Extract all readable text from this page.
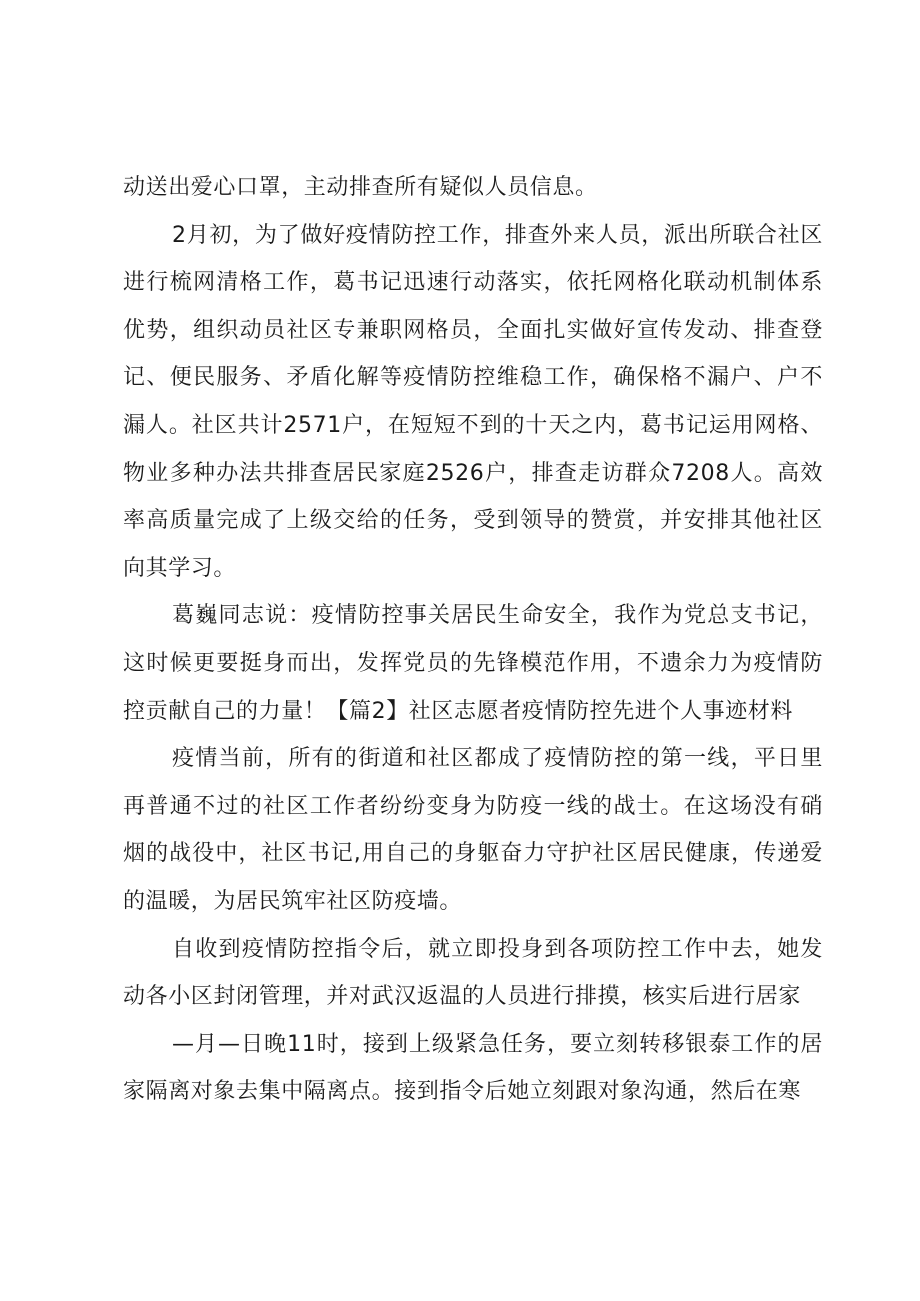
动送出爱心口罩，主动排查所有疑似人员信息。

2月初，为了做好疫情防控工作，排查外来人员，派出所联合社区进行梳网清格工作，葛书记迅速行动落实，依托网格化联动机制体系优势，组织动员社区专兼职网格员，全面扎实做好宣传发动、排查登记、便民服务、矛盾化解等疫情防控维稳工作，确保格不漏户、户不漏人。社区共计2571户，在短短不到的十天之内，葛书记运用网格、物业多种办法共排查居民家庭2526户，排查走访群众7208人。高效率高质量完成了上级交给的任务，受到领导的赞赏，并安排其他社区向其学习。

葛巍同志说：疫情防控事关居民生命安全，我作为党总支书记，这时候更要挺身而出，发挥党员的先锋模范作用，不遗余力为疫情防控贡献自己的力量！【篇2】社区志愿者疫情防控先进个人事迹材料

疫情当前，所有的街道和社区都成了疫情防控的第一线，平日里再普通不过的社区工作者纷纷变身为防疫一线的战士。在这场没有硝烟的战役中，社区书记,用自己的身躯奋力守护社区居民健康，传递爱的温暖，为居民筑牢社区防疫墙。

自收到疫情防控指令后，就立即投身到各项防控工作中去，她发动各小区封闭管理，并对武汉返温的人员进行排摸，核实后进行居家

—月—日晚11时，接到上级紧急任务，要立刻转移银泰工作的居家隔离对象去集中隔离点。接到指令后她立刻跟对象沟通，然后在寒
